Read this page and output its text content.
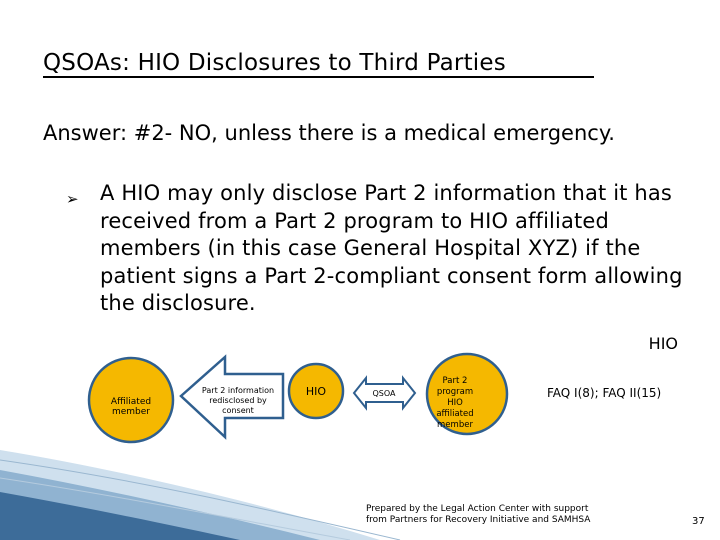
QSOAs: HIO Disclosures to Third Parties
Answer: #2- NO, unless there is a medical emergency.
➢ A HIO may only disclose Part 2 information that it has received from a Part 2 program to HIO affiliated members (in this case General Hospital XYZ) if the patient signs a Part 2-compliant consent form allowing the disclosure.
HIO
Affiliated
member
Part 2 information
redisclosed by
consent
HIO	QSOA
Part 2
program
HIO
affiliated
member
FAQ I(8); FAQ II(15)
Prepared by the Legal Action Center with support
from Partners for Recovery Initiative and SAMHSA	37
